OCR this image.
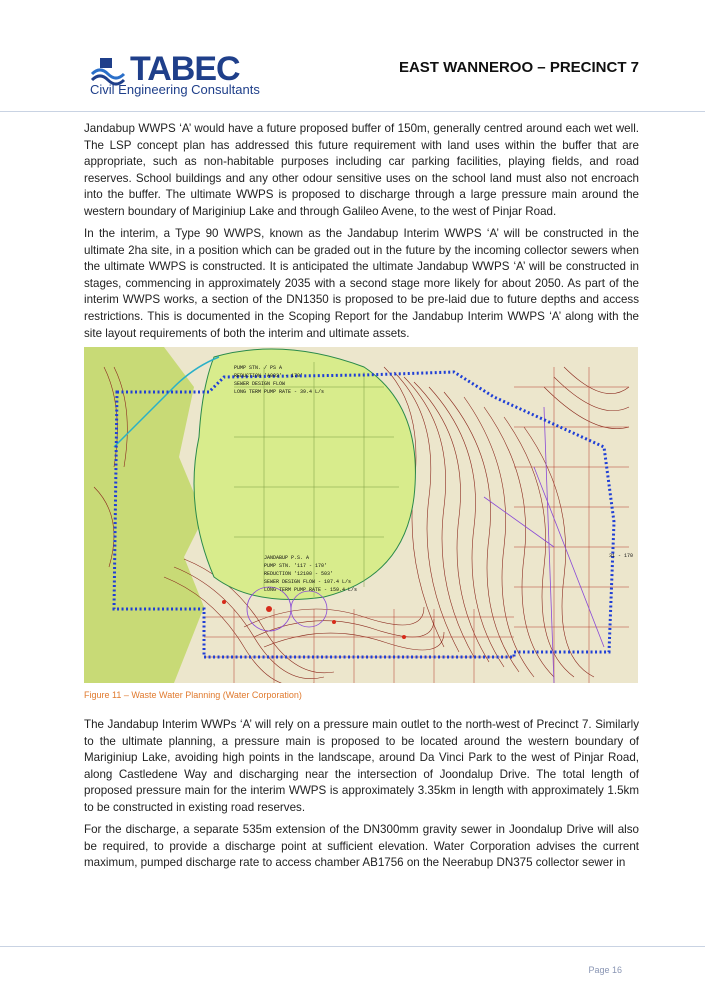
TABEC
Civil Engineering Consultants
EAST WANNEROO – PRECINCT 7

Jandabup WWPS ‘A’ would have a future proposed buffer of 150m, generally centred around each wet well. The LSP concept plan has addressed this future requirement with land uses within the buffer that are appropriate, such as non-habitable purposes including car parking facilities, playing fields, and road reserves. School buildings and any other odour sensitive uses on the school land must also not encroach into the buffer. The ultimate WWPS is proposed to discharge through a large pressure main around the western boundary of Mariginiup Lake and through Galileo Avene, to the west of Pinjar Road.

In the interim, a Type 90 WWPS, known as the Jandabup Interim WWPS ‘A’ will be constructed in the ultimate 2ha site, in a position which can be graded out in the future by the incoming collector sewers when the ultimate WWPS is constructed. It is anticipated the ultimate Jandabup WWPS ‘A’ will be constructed in stages, commencing in approximately 2035 with a second stage more likely for about 2050. As part of the interim WWPS works, a section of the DN1350 is proposed to be pre-laid due to future depths and access restrictions. This is documented in the Scoping Report for the Jandabup Interim WWPS ‘A’ along with the site layout requirements of both the interim and ultimate assets.

PUMP STN. / PS A
REDUCTION 'A003' - 170'
SEWER DESIGN FLOW
LONG TERM PUMP RATE - 39.4 L/s
JANDABUP P.S. A
PUMP STN. '117 - 170'
REDUCTION '12100 - 503'
SEWER DESIGN FLOW - 107.4 L/s
LONG TERM PUMP RATE - 159.4 L/s
31 - 170
Figure 11 – Waste Water Planning (Water Corporation)

The Jandabup Interim WWPs ‘A’ will rely on a pressure main outlet to the north-west of Precinct 7. Similarly to the ultimate planning, a pressure main is proposed to be located around the western boundary of Mariginiup Lake, avoiding high points in the landscape, around Da Vinci Park to the west of Pinjar Road, along Castledene Way and discharging near the intersection of Joondalup Drive. The total length of proposed pressure main for the interim WWPS is approximately 3.35km in length with approximately 1.5km to be constructed in existing road reserves.

For the discharge, a separate 535m extension of the DN300mm gravity sewer in Joondalup Drive will also be required, to provide a discharge point at sufficient elevation. Water Corporation advises the current maximum, pumped discharge rate to access chamber AB1756 on the Neerabup DN375 collector sewer in

Page 16
